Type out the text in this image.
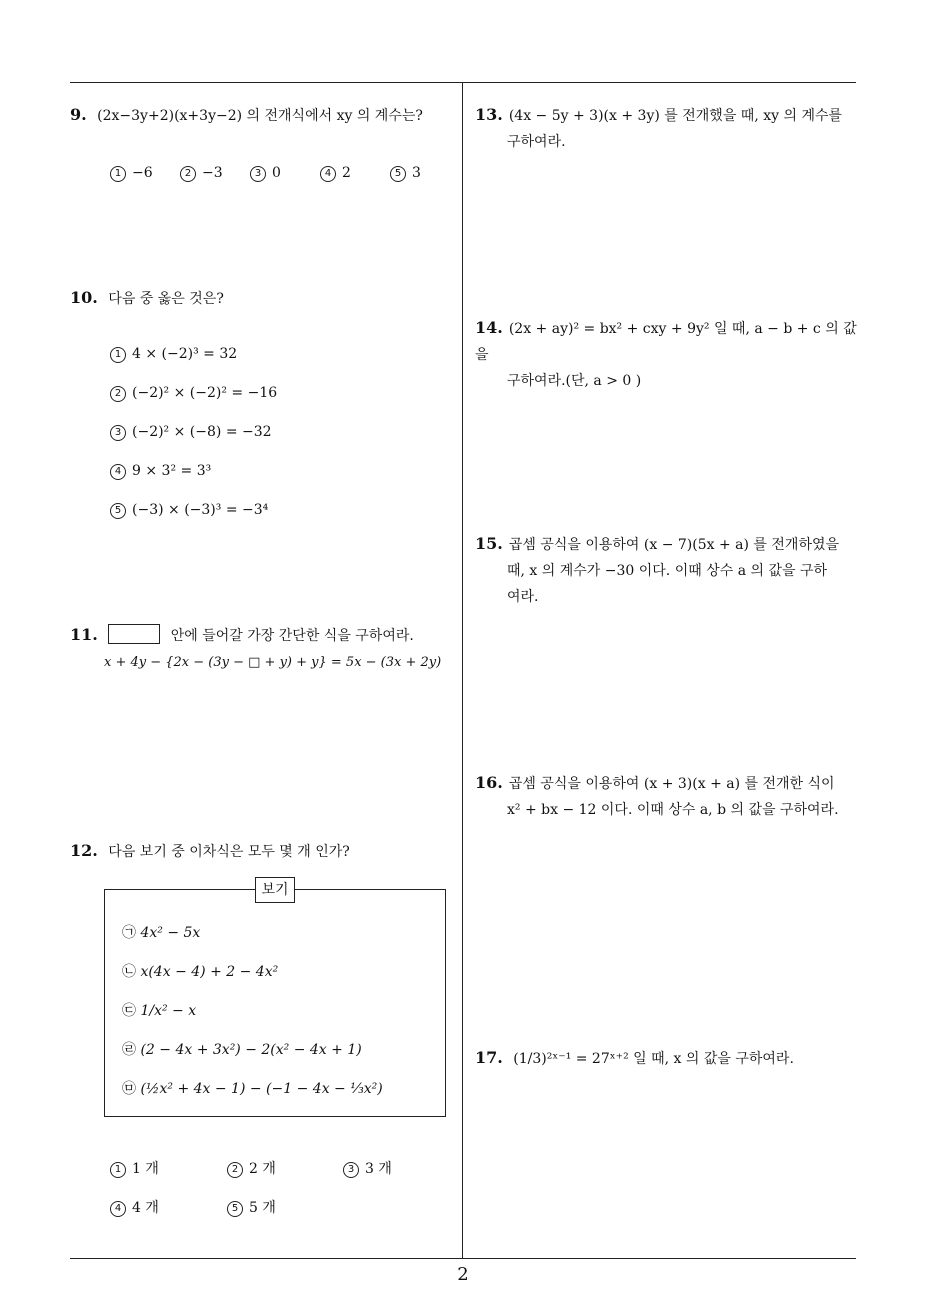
9. (2x−3y+2)(x+3y−2) 의 전개식에서 xy 의 계수는?
1 −6	2 −3	3 0	4 2	5 3
10. 다음 중 옳은 것은?
1 4 × (−2)³ = 32
2 (−2)² × (−2)² = −16
3 (−2)² × (−8) = −32
4 9 × 3² = 3³
5 (−3) × (−3)³ = −3⁴
11.	안에 들어갈 가장 간단한 식을 구하여라.
x + 4y − {2x − (3y − □ + y) + y} = 5x − (3x + 2y)
12. 다음 보기 중 이차식은 모두 몇 개 인가?
보기
㉠ 4x² − 5x
㉡ x(4x − 4) + 2 − 4x²
㉢ 1/x² − x
㉣ (2 − 4x + 3x²) − 2(x² − 4x + 1)
㉤ (½x² + 4x − 1) − (−1 − 4x − ⅓x²)
1 1 개	2 2 개	3 3 개
4 4 개	5 5 개
13. (4x − 5y + 3)(x + 3y) 를 전개했을 때, xy 의 계수를
구하여라.
14. (2x + ay)² = bx² + cxy + 9y² 일 때, a − b + c 의 값을
구하여라.(단, a > 0 )
15. 곱셈 공식을 이용하여 (x − 7)(5x + a) 를 전개하였을
때, x 의 계수가 −30 이다. 이때 상수 a 의 값을 구하
여라.
16. 곱셈 공식을 이용하여 (x + 3)(x + a) 를 전개한 식이
x² + bx − 12 이다. 이때 상수 a, b 의 값을 구하여라.
17. (1/3)²ˣ⁻¹ = 27ˣ⁺² 일 때, x 의 값을 구하여라.
2
